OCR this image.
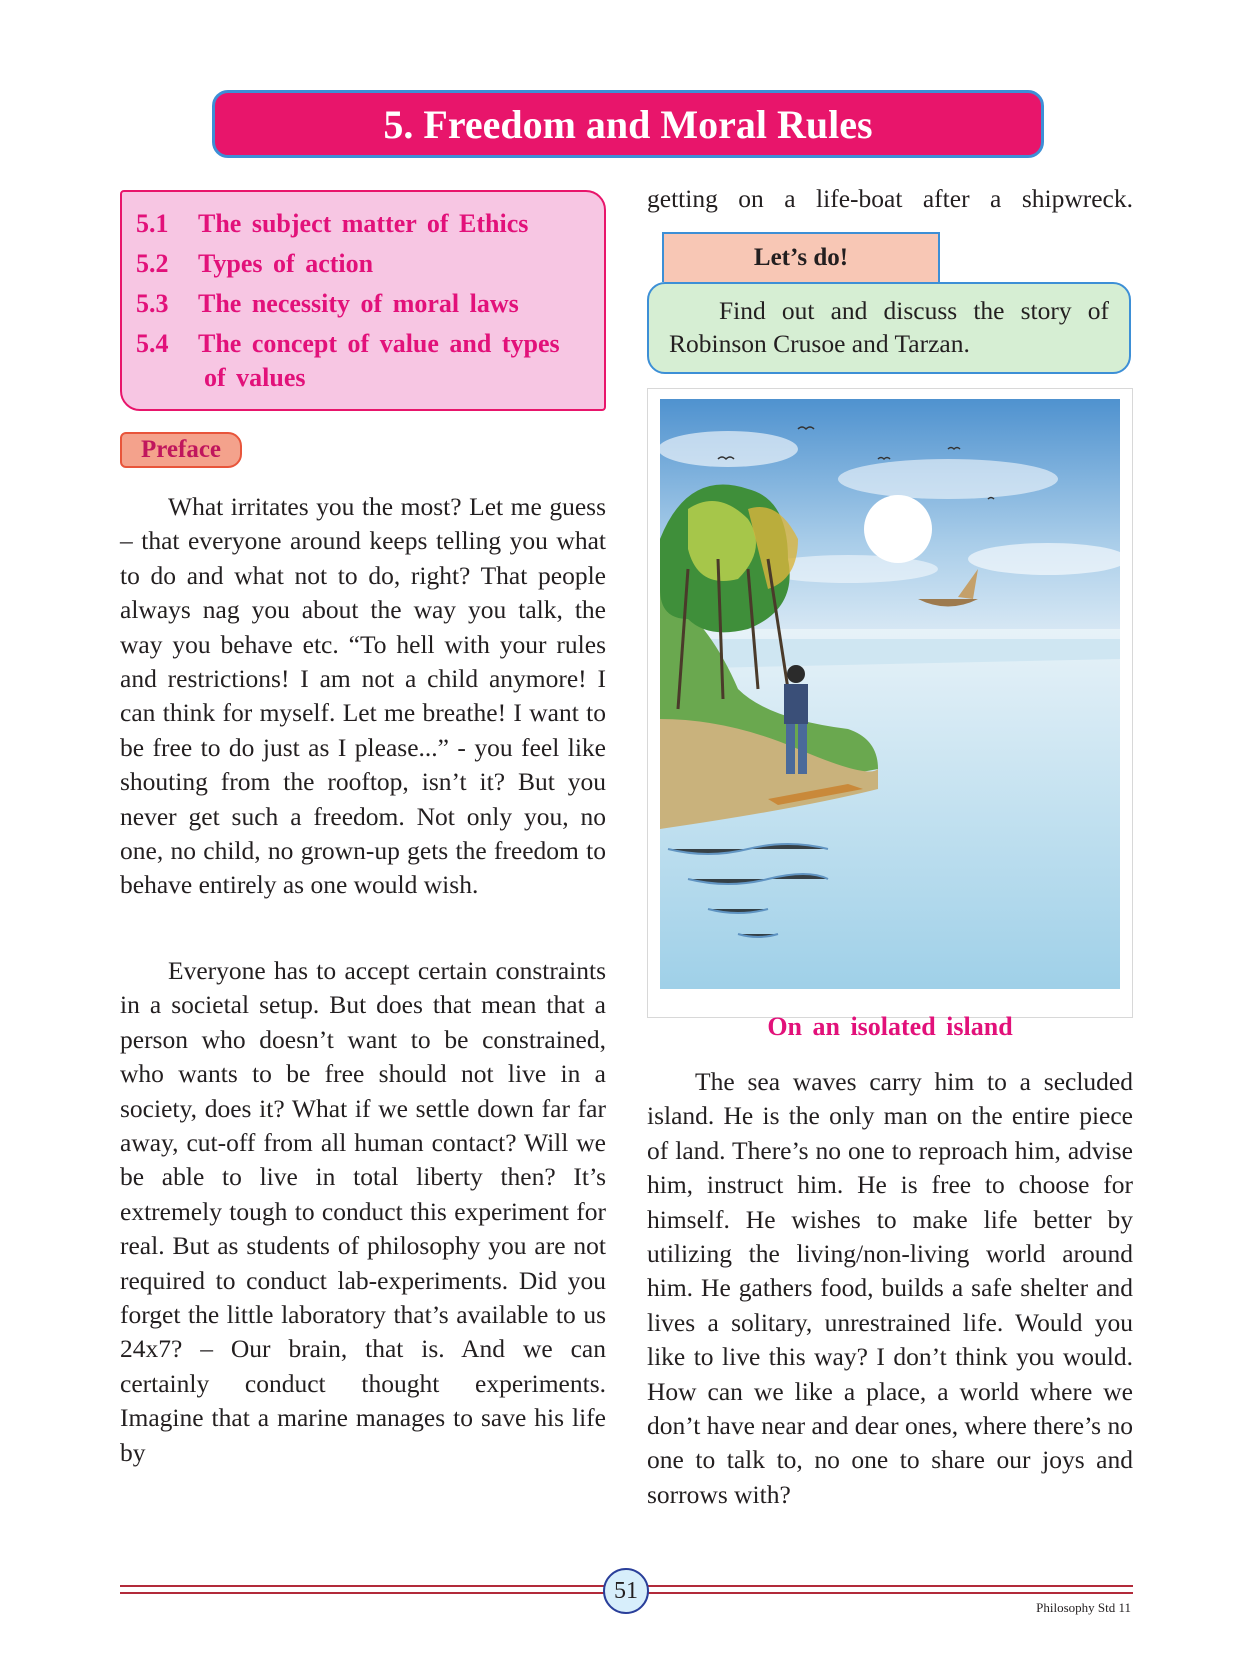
5. Freedom and Moral Rules
5.1	The subject matter of Ethics
5.2	Types of action
5.3	The necessity of moral laws
5.4	The concept of value and types
of values
Preface

What irritates you the most? Let me guess – that everyone around keeps telling you what to do and what not to do, right? That people always nag you about the way you talk, the way you behave etc. “To hell with your rules and restrictions! I am not a child anymore! I can think for myself. Let me breathe! I want to be free to do just as I please...” - you feel like shouting from the rooftop, isn’t it? But you never get such a freedom. Not only you, no one, no child, no grown-up gets the freedom to behave entirely as one would wish.

Everyone has to accept certain constraints in a societal setup. But does that mean that a person who doesn’t want to be constrained, who wants to be free should not live in a society, does it? What if we settle down far far away, cut-off from all human contact? Will we be able to live in total liberty then? It’s extremely tough to conduct this experiment for real. But as students of philosophy you are not required to conduct lab-experiments. Did you forget the little laboratory that’s available to us 24x7? – Our brain, that is. And we can certainly conduct thought experiments. Imagine that a marine manages to save his life by

getting on a life-boat after a shipwreck.

Let’s do!
Find out and discuss the story of Robinson Crusoe and Tarzan.
On an isolated island

The sea waves carry him to a secluded island. He is the only man on the entire piece of land. There’s no one to reproach him, advise him, instruct him. He is free to choose for himself. He wishes to make life better by utilizing the living/non-living world around him. He gathers food, builds a safe shelter and lives a solitary, unrestrained life. Would you like to live this way? I don’t think you would. How can we like a place, a world where we don’t have near and dear ones, where there’s no one to talk to, no one to share our joys and sorrows with?

51
Philosophy Std 11
